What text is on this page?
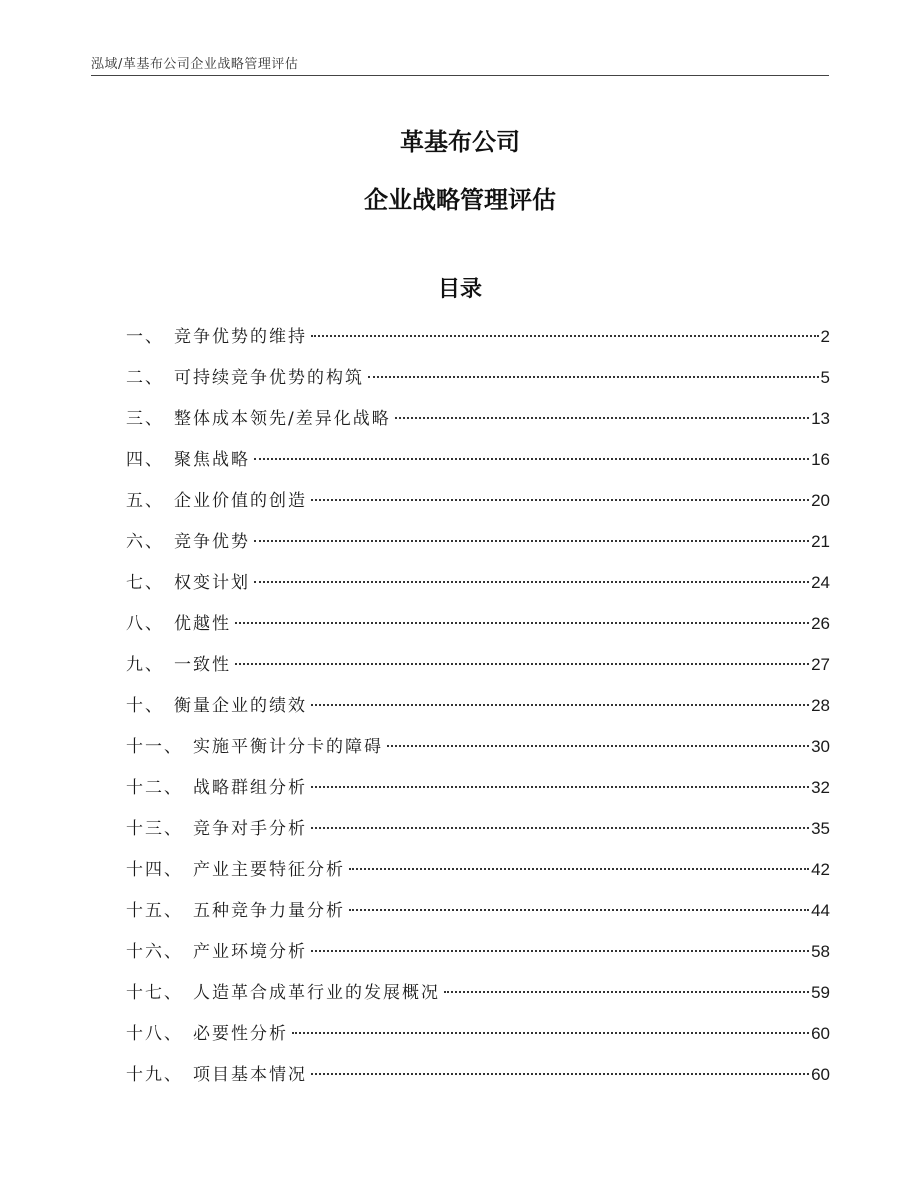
泓域/革基布公司企业战略管理评估
革基布公司
企业战略管理评估
目录
一、 竞争优势的维持	2
二、 可持续竞争优势的构筑	5
三、 整体成本领先/差异化战略	13
四、 聚焦战略	16
五、 企业价值的创造	20
六、 竞争优势	21
七、 权变计划	24
八、 优越性	26
九、 一致性	27
十、 衡量企业的绩效	28
十一、 实施平衡计分卡的障碍	30
十二、 战略群组分析	32
十三、 竞争对手分析	35
十四、 产业主要特征分析	42
十五、 五种竞争力量分析	44
十六、 产业环境分析	58
十七、 人造革合成革行业的发展概况	59
十八、 必要性分析	60
十九、 项目基本情况	60
